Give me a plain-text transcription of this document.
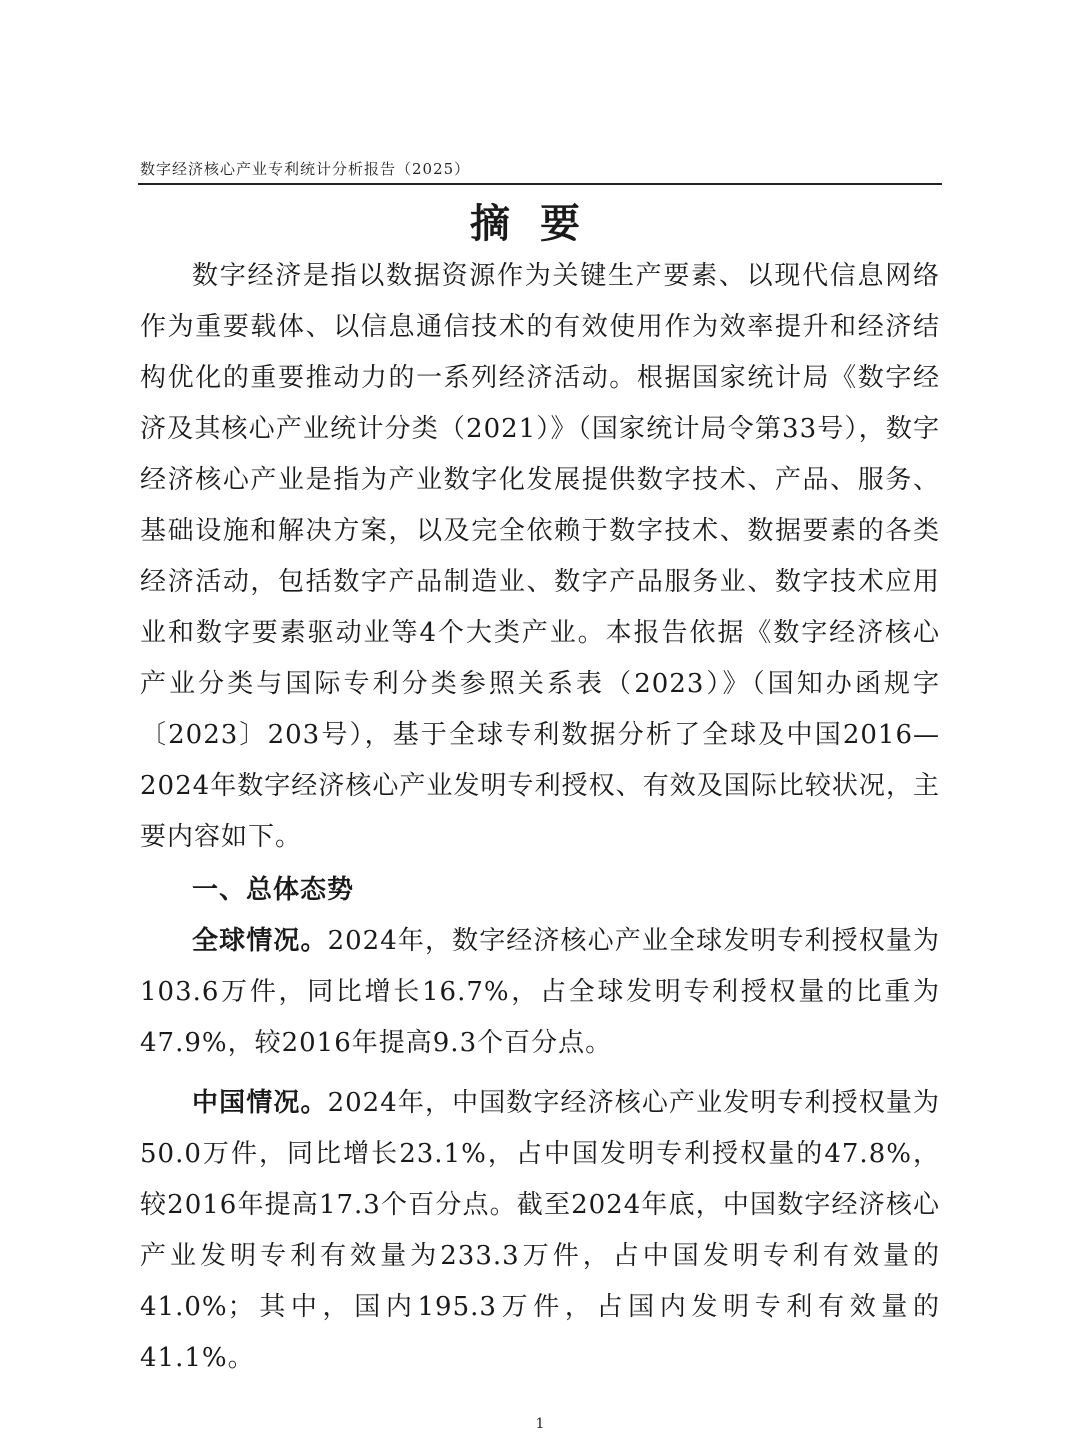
数字经济核心产业专利统计分析报告（2025）
摘要

数字经济是指以数据资源作为关键生产要素、以现代信息网络作为重要载体、以信息通信技术的有效使用作为效率提升和经济结构优化的重要推动力的一系列经济活动。根据国家统计局《数字经济及其核心产业统计分类（2021）》（国家统计局令第33号），数字经济核心产业是指为产业数字化发展提供数字技术、产品、服务、基础设施和解决方案，以及完全依赖于数字技术、数据要素的各类经济活动，包括数字产品制造业、数字产品服务业、数字技术应用业和数字要素驱动业等4个大类产业。本报告依据《数字经济核心产业分类与国际专利分类参照关系表（2023）》（国知办函规字〔2023〕203号），基于全球专利数据分析了全球及中国2016—2024年数字经济核心产业发明专利授权、有效及国际比较状况，主要内容如下。

一、总体态势

全球情况。2024年，数字经济核心产业全球发明专利授权量为103.6万件，同比增长16.7%，占全球发明专利授权量的比重为47.9%，较2016年提高9.3个百分点。

中国情况。2024年，中国数字经济核心产业发明专利授权量为50.0万件，同比增长23.1%，占中国发明专利授权量的47.8%，较2016年提高17.3个百分点。截至2024年底，中国数字经济核心产业发明专利有效量为233.3万件，占中国发明专利有效量的41.0%；其中，国内195.3万件，占国内发明专利有效量的41.1%。

1
